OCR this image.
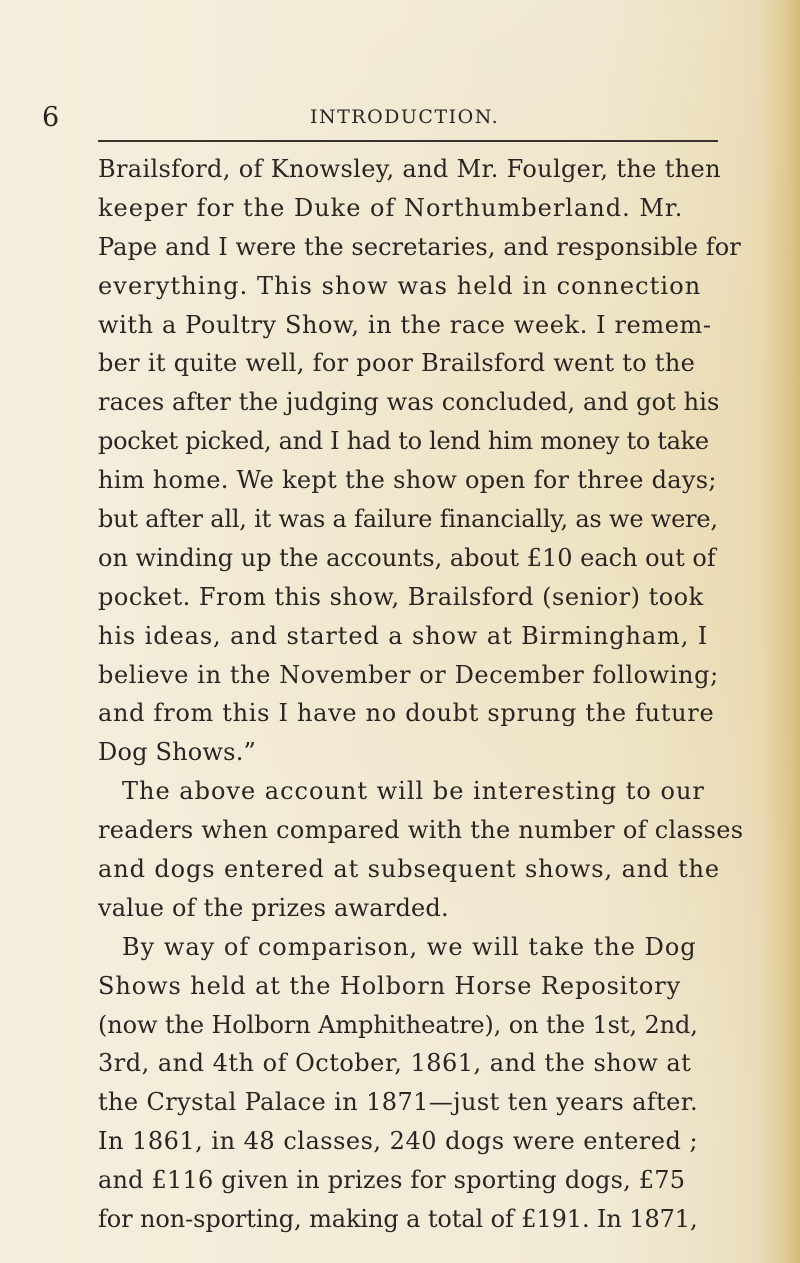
6	INTRODUCTION.
Brailsford, of Knowsley, and Mr. Foulger, the then
keeper for the Duke of Northumberland. Mr.
Pape and I were the secretaries, and responsible for
everything. This show was held in connection
with a Poultry Show, in the race week. I remem-
ber it quite well, for poor Brailsford went to the
races after the judging was concluded, and got his
pocket picked, and I had to lend him money to take
him home. We kept the show open for three days;
but after all, it was a failure financially, as we were,
on winding up the accounts, about £10 each out of
pocket. From this show, Brailsford (senior) took
his ideas, and started a show at Birmingham, I
believe in the November or December following;
and from this I have no doubt sprung the future
Dog Shows.”
The above account will be interesting to our
readers when compared with the number of classes
and dogs entered at subsequent shows, and the
value of the prizes awarded.
By way of comparison, we will take the Dog
Shows held at the Holborn Horse Repository
(now the Holborn Amphitheatre), on the 1st, 2nd,
3rd, and 4th of October, 1861, and the show at
the Crystal Palace in 1871—just ten years after.
In 1861, in 48 classes, 240 dogs were entered ;
and £116 given in prizes for sporting dogs, £75
for non-sporting, making a total of £191. In 1871,
